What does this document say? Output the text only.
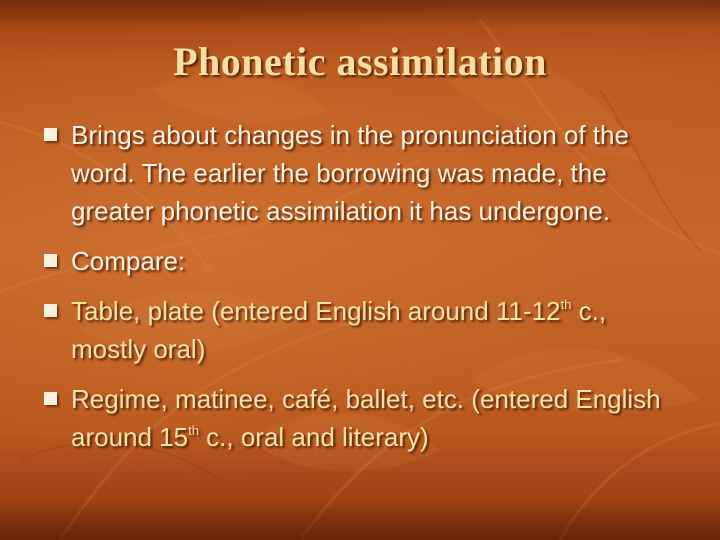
Phonetic assimilation
Brings about changes in the pronunciation of the word. The earlier the borrowing was made, the greater phonetic assimilation it has undergone.
Compare:
Table, plate (entered English around 11-12th c., mostly oral)
Regime, matinee, café, ballet, etc. (entered English around 15th c., oral and literary)
